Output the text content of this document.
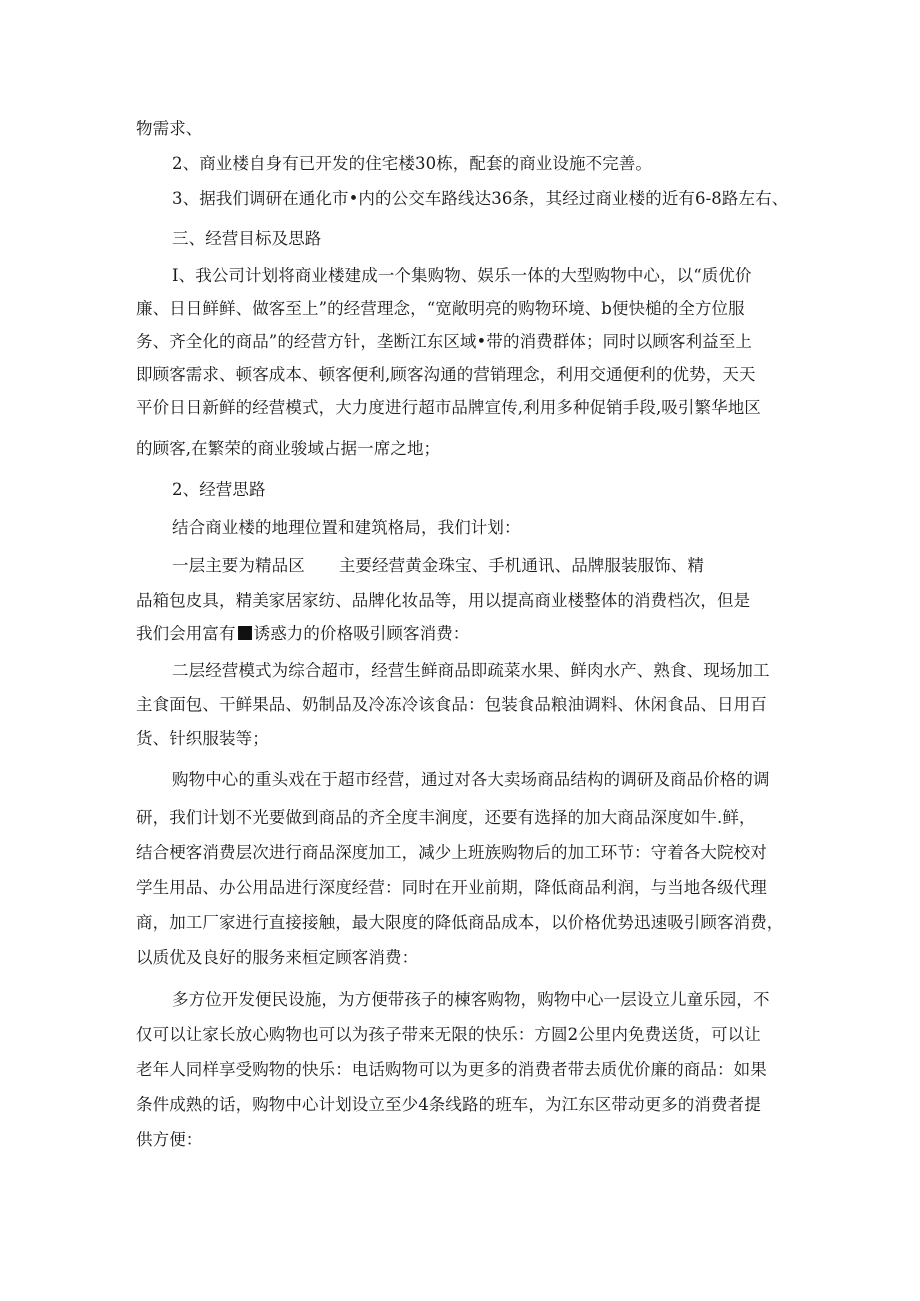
物需求、
2、商业楼自身有已开发的住宅楼30栋，配套的商业设施不完善。
3、据我们调研在通化市•内的公交车路线达36条，其经过商业楼的近有6-8路左右、
三、经营目标及思路
I、我公司计划将商业楼建成一个集购物、娱乐一体的大型购物中心，以“质优价
廉、日日鲜鲜、做客至上”的经营理念，“宽敞明亮的购物环境、b便快槌的全方位服
务、齐全化的商品”的经营方针，垄断江东区域•带的消费群体；同时以顾客利益至上
即顾客需求、顿客成本、顿客便利,顾客沟通的营销理念，利用交通便利的优势，天天
平价日日新鲜的经营模式，大力度进行超市品牌宣传,利用多种促销手段,吸引繁华地区
的顾客,在繁荣的商业骏域占据一席之地；
2、经营思路
结合商业楼的地理位置和建筑格局，我们计划：
一层主要为精品区 主要经营黄金珠宝、手机通讯、品牌服装服饰、精
品箱包皮具，精美家居家纺、品牌化妆品等，用以提高商业楼整体的消费档次，但是
我们会用富有 诱惑力的价格吸引顾客消费：
二层经营模式为综合超市，经营生鲜商品即疏菜水果、鲜肉水产、熟食、现场加工
主食面包、干鲜果品、奶制品及冷冻冷该食品：包装食品粮油调料、休闲食品、日用百
货、针织服装等；
购物中心的重头戏在于超市经营，通过对各大卖场商品结构的调研及商品价格的调
研，我们计划不光要做到商品的齐全度丰涧度，还要有选择的加大商品深度如牛.鲜，
结合梗客消费层次进行商品深度加工，减少上班族购物后的加工环节：守着各大院校对
学生用品、办公用品进行深度经营：同时在开业前期，降低商品利润，与当地各级代理
商，加工厂家进行直接接触，最大限度的降低商品成本，以价格优势迅速吸引顾客消费，
以质优及良好的服务来桓定顾客消费：
多方位开发便民设施，为方便带孩子的楝客购物，购物中心一层设立儿童乐园，不
仅可以让家长放心购物也可以为孩子带来无限的快乐：方圆2公里内免费送货，可以让
老年人同样享受购物的快乐：电话购物可以为更多的消费者带去质优价廉的商品：如果
条件成熟的话，购物中心计划设立至少4条线路的班车，为江东区带动更多的消费者提
供方便：
